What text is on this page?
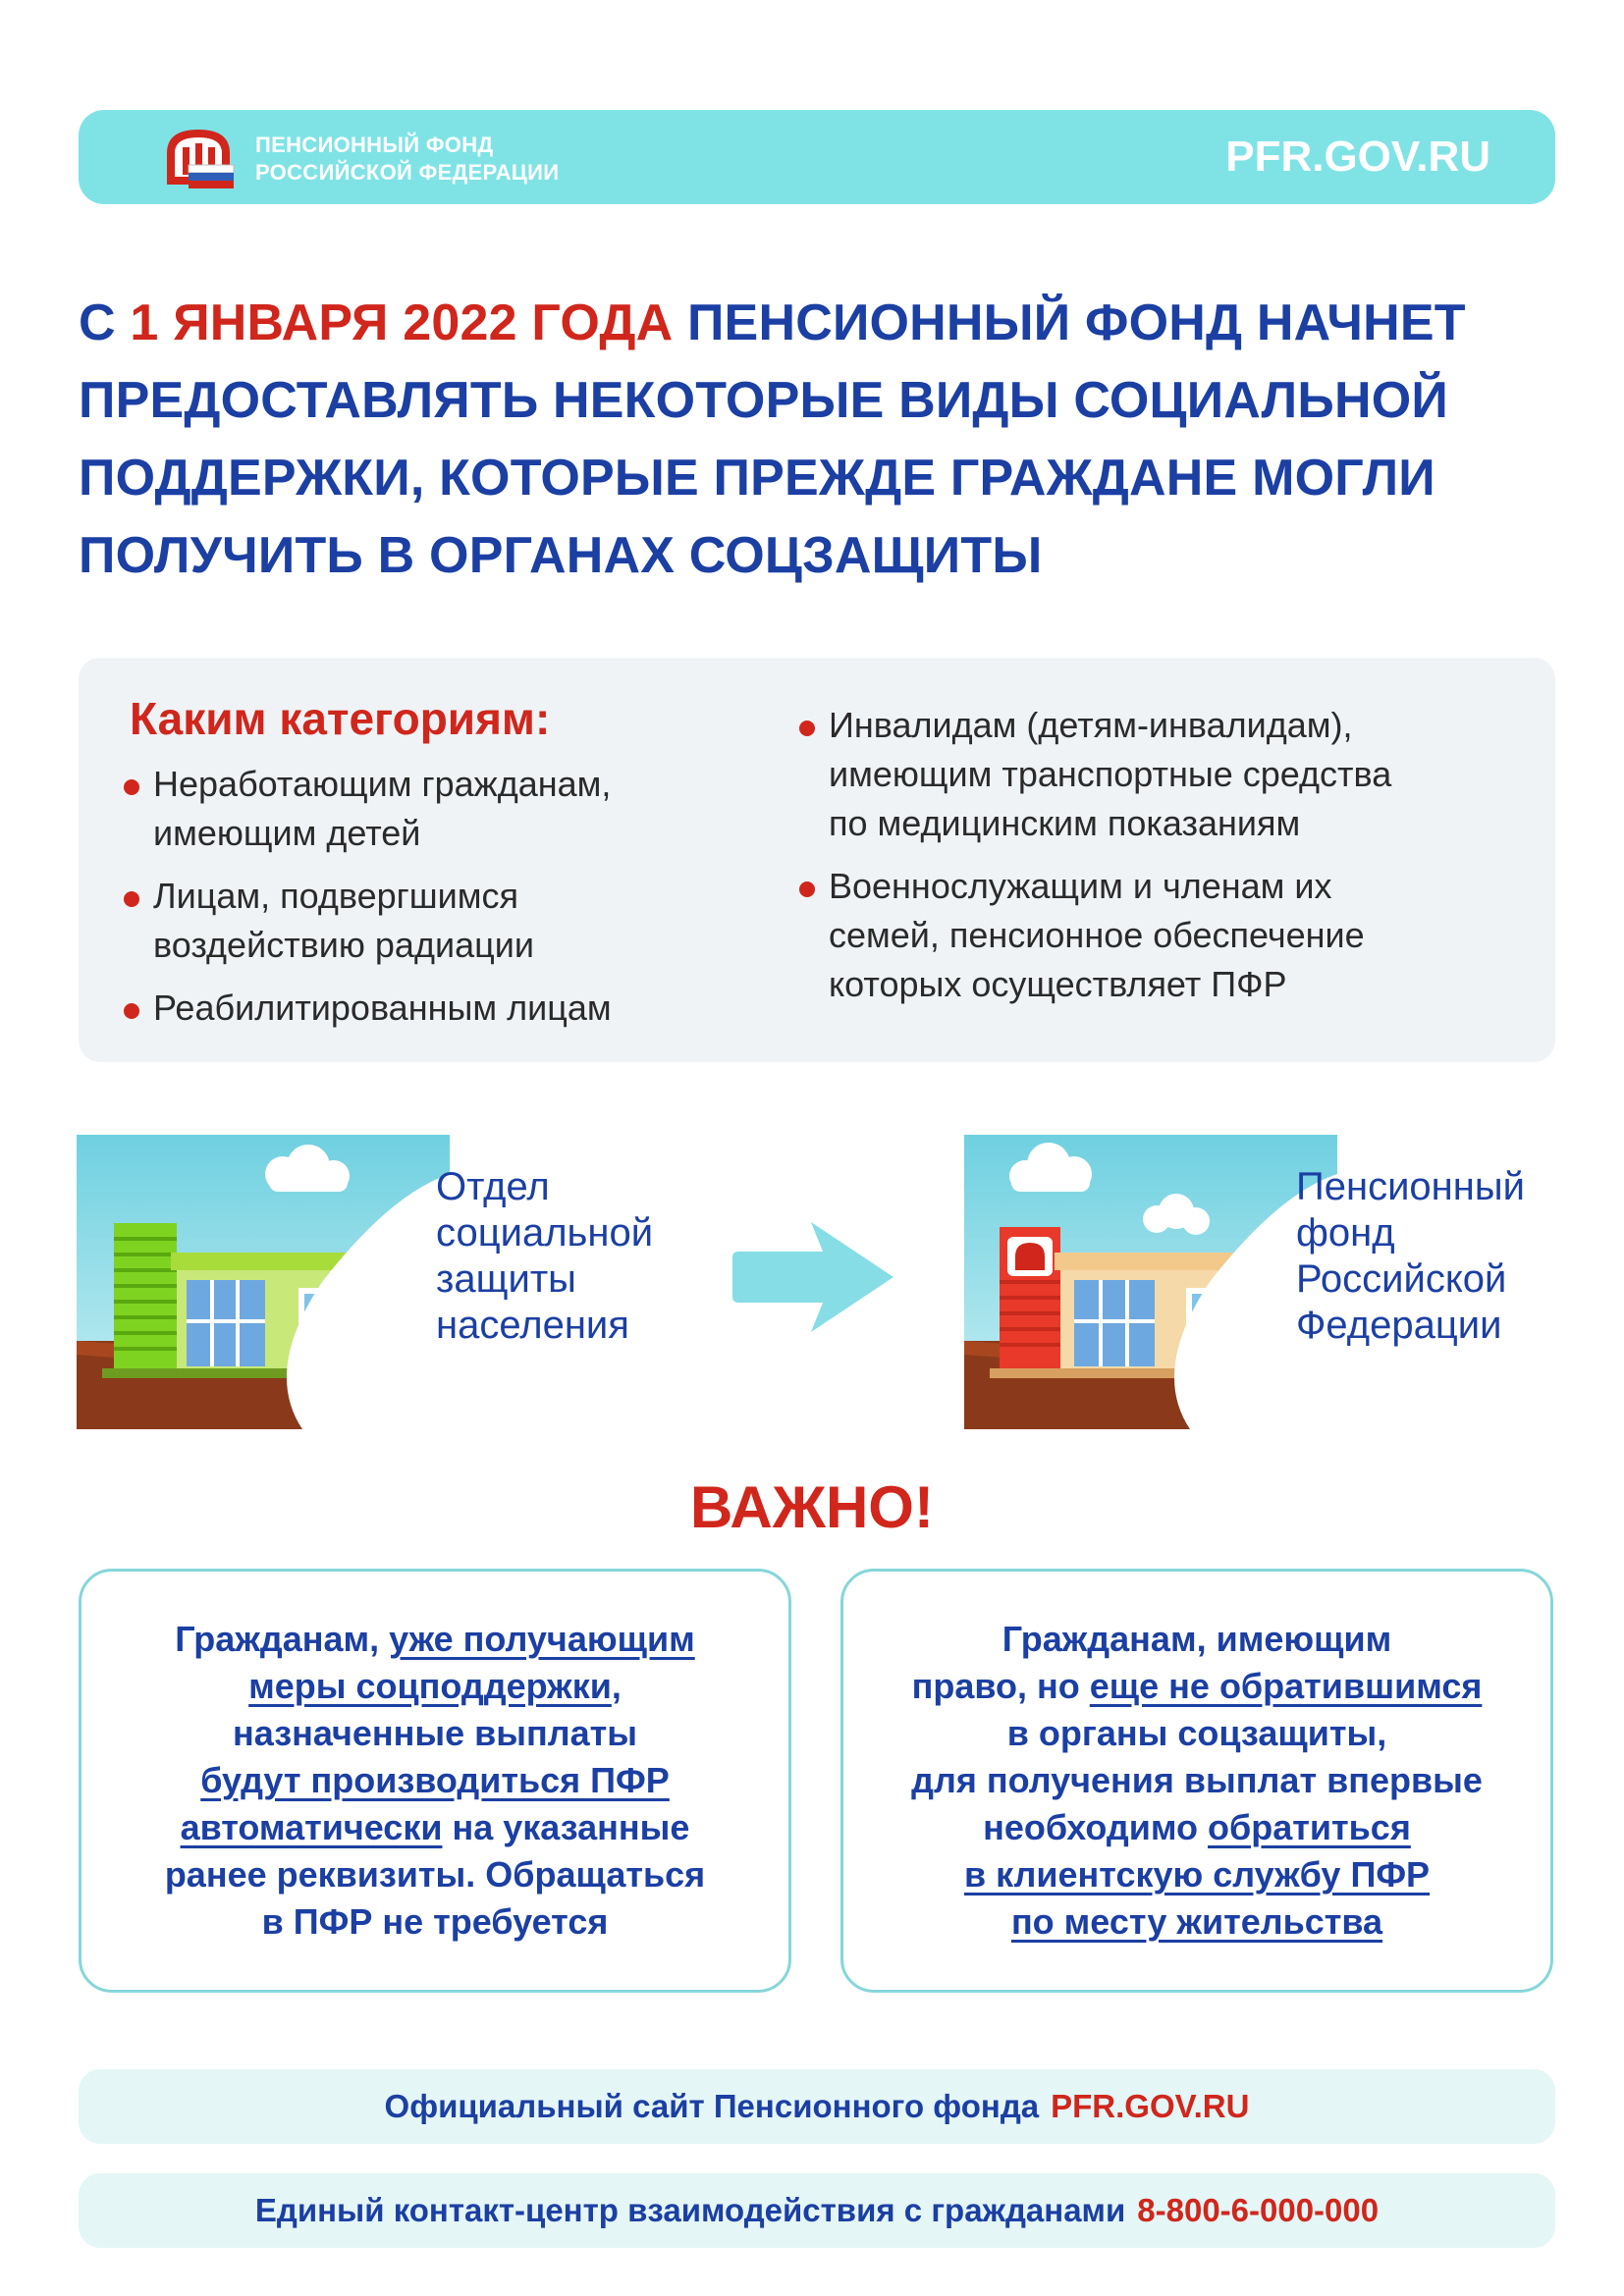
ПЕНСИОННЫЙ ФОНД
РОССИЙСКОЙ ФЕДЕРАЦИИ	PFR.GOV.RU
С 1 ЯНВАРЯ 2022 ГОДА ПЕНСИОННЫЙ ФОНД НАЧНЕТ
ПРЕДОСТАВЛЯТЬ НЕКОТОРЫЕ ВИДЫ СОЦИАЛЬНОЙ
ПОДДЕРЖКИ, КОТОРЫЕ ПРЕЖДЕ ГРАЖДАНЕ МОГЛИ
ПОЛУЧИТЬ В ОРГАНАХ СОЦЗАЩИТЫ
Каким категориям:
Неработающим гражданам,
имеющим детей
Лицам, подвергшимся
воздействию радиации
Реабилитированным лицам
Инвалидам (детям-инвалидам),
имеющим транспортные средства
по медицинским показаниям
Военнослужащим и членам их
семей, пенсионное обеспечение
которых осуществляет ПФР
Отдел
социальной
защиты
населения
Пенсионный
фонд
Российской
Федерации
ВАЖНО!
Гражданам, уже получающим
меры соцподдержки,
назначенные выплаты
будут производиться ПФР
автоматически на указанные
ранее реквизиты. Обращаться
в ПФР не требуется
Гражданам, имеющим
право, но еще не обратившимся
в органы соцзащиты,
для получения выплат впервые
необходимо обратиться
в клиентскую службу ПФР
по месту жительства
Официальный сайт Пенсионного фонда PFR.GOV.RU
Единый контакт-центр взаимодействия с гражданами 8-800-6-000-000
